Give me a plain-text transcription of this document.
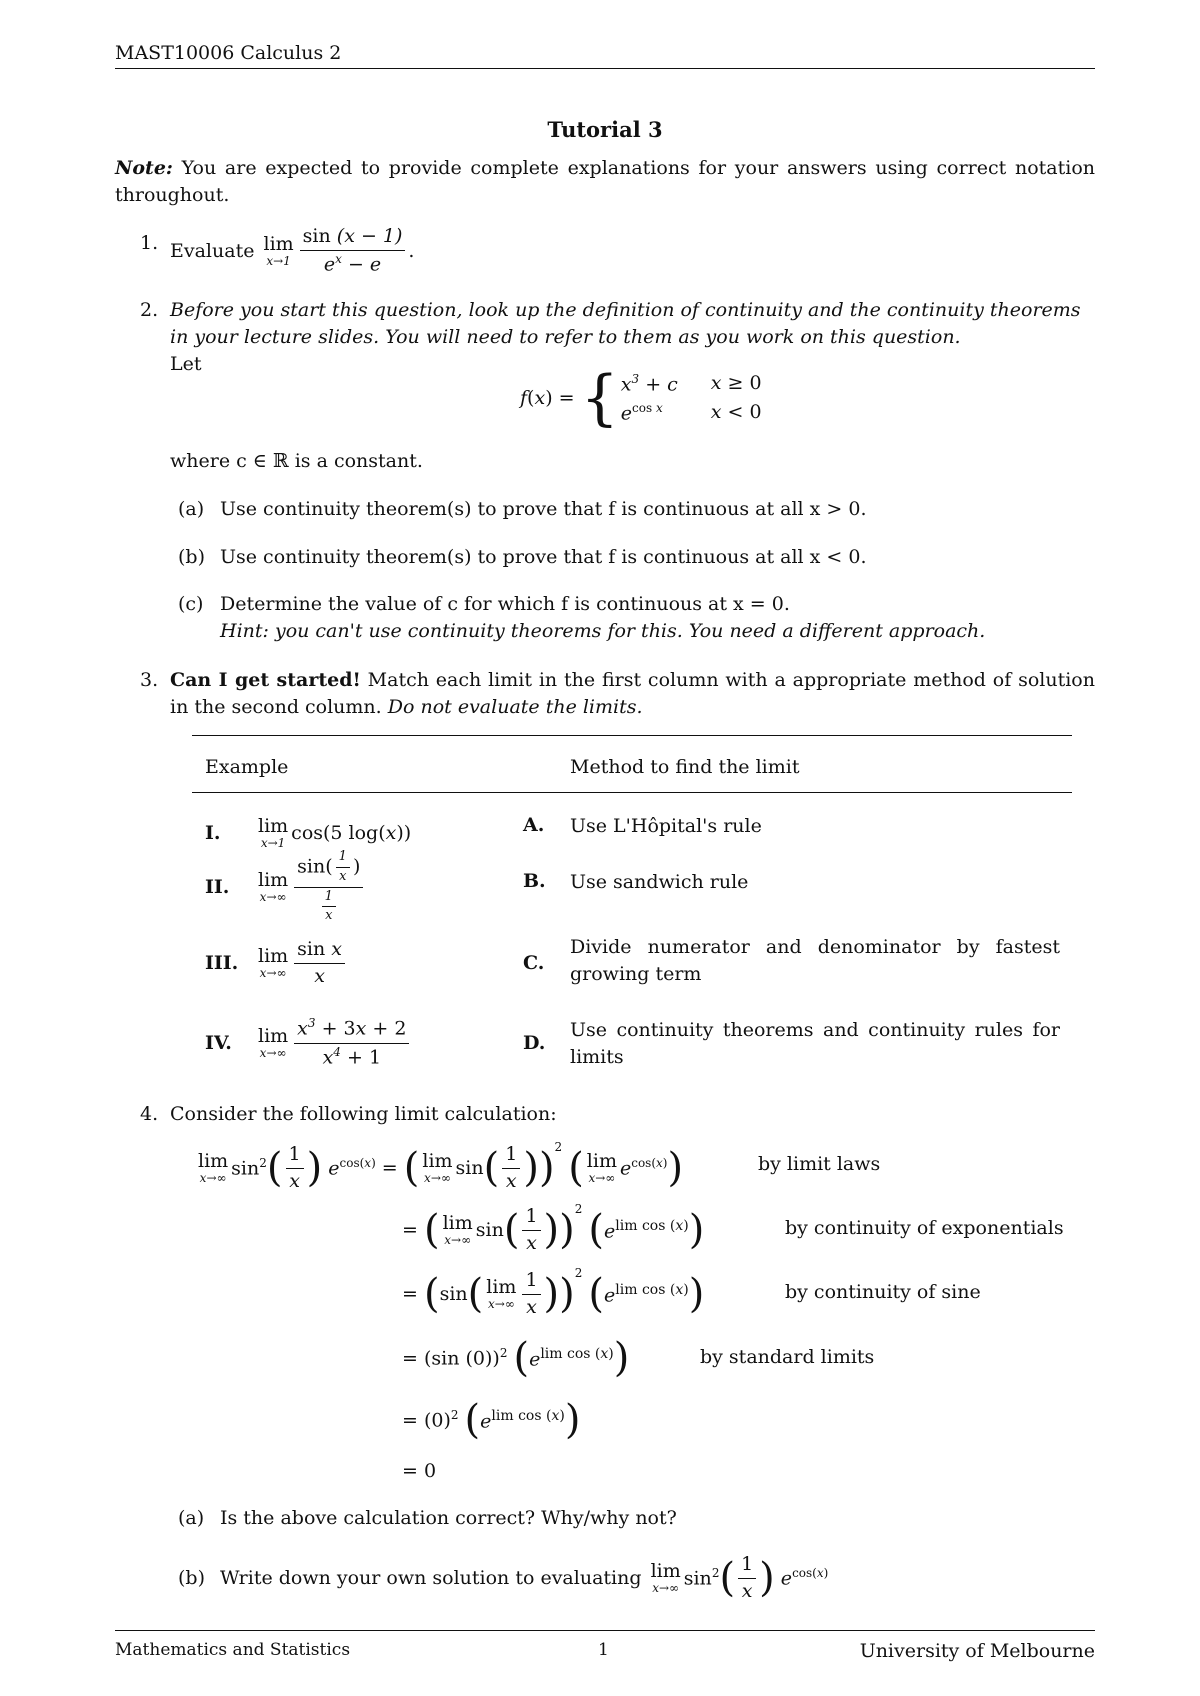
MAST10006 Calculus 2
Tutorial 3
Note: You are expected to provide complete explanations for your answers using correct notation throughout.
1. Evaluate
lim
$x\to 1 \frac{\sin (x - 1)}{e^x - e}$ .
2. Before you start this question, look up the definition of continuity and the continuity theorems
in your lecture slides. You will need to refer to them as you work on this question.
Let
f ( x ) = { $x^3 + c$	x ≥ 0
$e^{cos x}$	x < 0
where c ∈ ℝ is a constant.
(a) Use continuity theorem(s) to prove that f is continuous at all x > 0.
(b) Use continuity theorem(s) to prove that f is continuous at all x < 0.
(c) Determine the value of c for which f is continuous at x = 0.
Hint: you can't use continuity theorems for this. You need a different approach.
3. Can I get started! Match each limit in the first column with a appropriate method of solution
in the second column. Do not evaluate the limits.
Example	Method to find the limit
I.	lim
x→1 cos(5 log(x))	A. Use L'Hôpital's rule
II.	lim
$x\to\infty \frac{\sin( \frac{1}{x} )}{\frac{1}{x}}$	B. Use sandwich rule
III.	lim
$x\to\infty \frac{\text{sin x}}{x}$	C.
Divide numerator and denominator by fastest
growing term
IV.	lim
$x\to\infty \frac{x^3 + 3x + 2}{x^4 + 1}$	D.
Use continuity theorems and continuity rules for
limits
4. Consider the following limit calculation:
lim
x→∞ $\sin^2$ ( $\frac{1}{x}$ ) $e^{cos(x)}$ = ( lim
x→∞ sin ( $\frac{1}{x}$ ) )$^2$ ( lim
x→∞ $e^{cos(x)}$ )	by limit laws
= ( lim
x→∞ sin ( $\frac{1}{x}$ ) )$^2$ ( $e^{lim cos (x)}$ )	by continuity of exponentials
= ( sin ( lim
$x\to\infty \frac{1}{x}$ ) )$^2$ ( $e^{lim cos (x)}$ )	by continuity of sine
= (sin (0))$^2$ ( $e^{lim cos (x)}$ )	by standard limits
= $(0)^2$ ( $e^{lim cos (x)}$ )
= 0
(a) Is the above calculation correct? Why/why not?
(b) Write down your own solution to evaluating
lim
x→∞ $\sin^2$ ( $\frac{1}{x}$ ) $e^{cos(x)}$
Mathematics and Statistics	1	University of Melbourne
